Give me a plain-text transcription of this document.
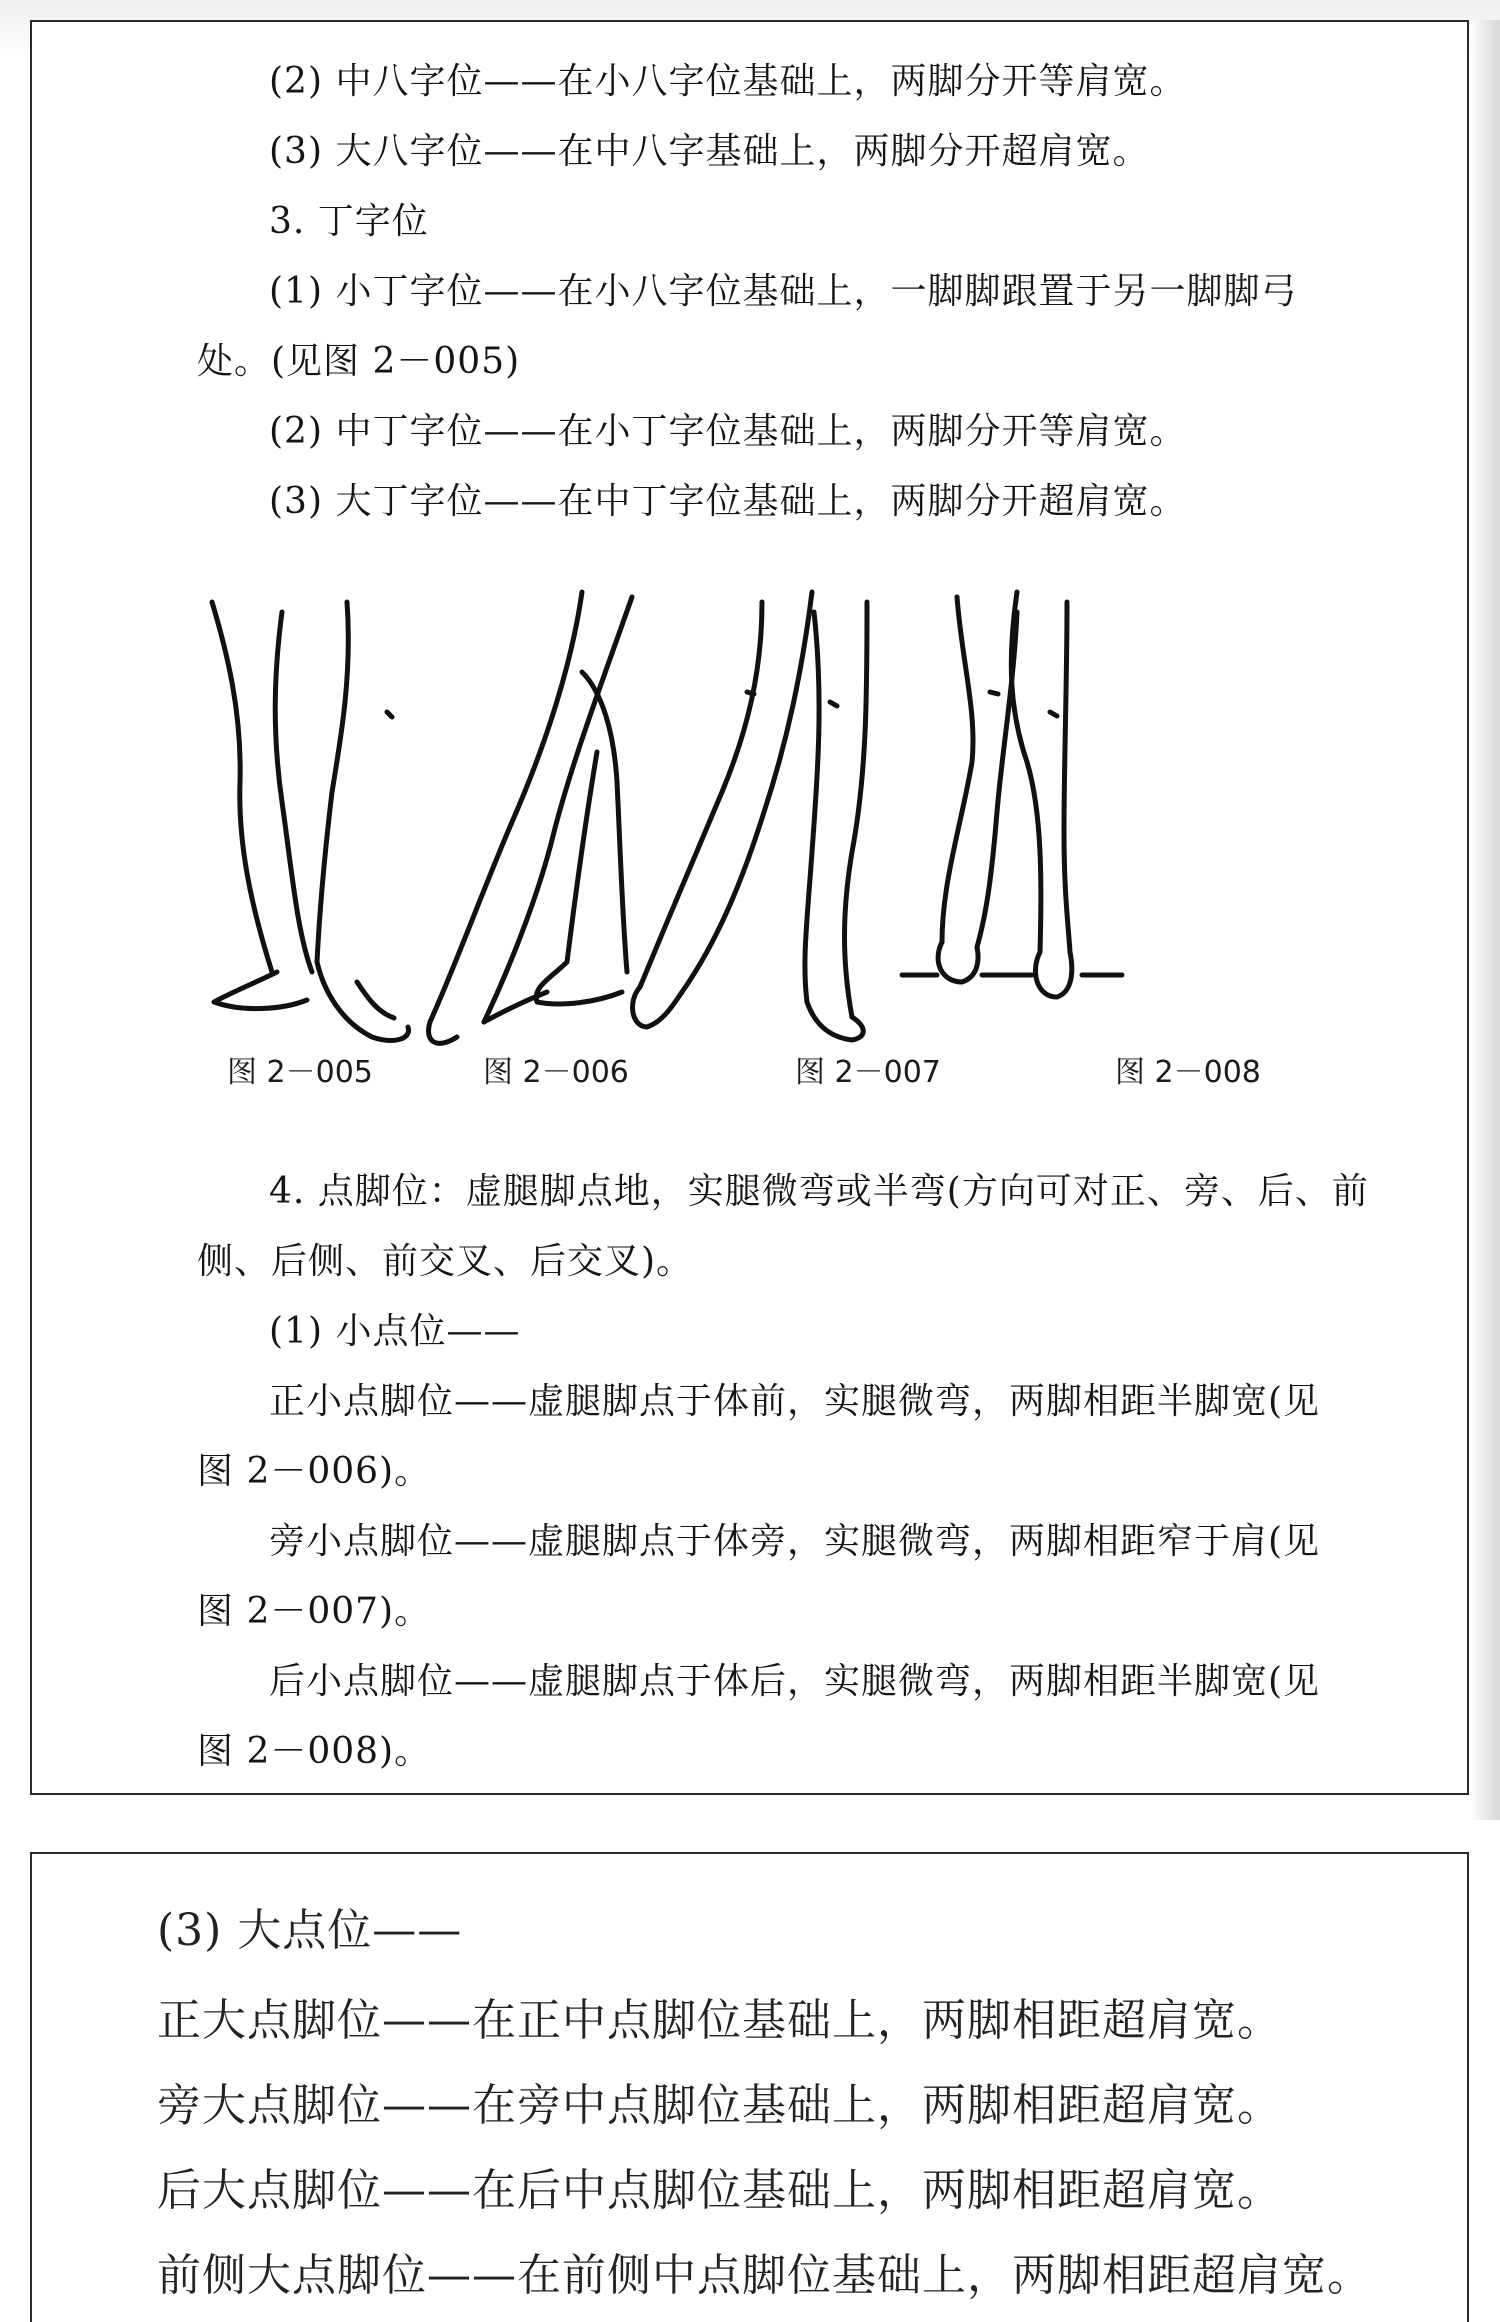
(2) 中八字位——在小八字位基础上，两脚分开等肩宽。
(3) 大八字位——在中八字基础上，两脚分开超肩宽。
3. 丁字位
(1) 小丁字位——在小八字位基础上，一脚脚跟置于另一脚脚弓
处。(见图 2－005)
(2) 中丁字位——在小丁字位基础上，两脚分开等肩宽。
(3) 大丁字位——在中丁字位基础上，两脚分开超肩宽。
图 2－005	图 2－006	图 2－007	图 2－008
4. 点脚位：虚腿脚点地，实腿微弯或半弯(方向可对正、旁、后、前
侧、后侧、前交叉、后交叉)。
(1) 小点位——
正小点脚位——虚腿脚点于体前，实腿微弯，两脚相距半脚宽(见
图 2－006)。
旁小点脚位——虚腿脚点于体旁，实腿微弯，两脚相距窄于肩(见
图 2－007)。
后小点脚位——虚腿脚点于体后，实腿微弯，两脚相距半脚宽(见
图 2－008)。
(3) 大点位——
正大点脚位——在正中点脚位基础上，两脚相距超肩宽。
旁大点脚位——在旁中点脚位基础上，两脚相距超肩宽。
后大点脚位——在后中点脚位基础上，两脚相距超肩宽。
前侧大点脚位——在前侧中点脚位基础上，两脚相距超肩宽。
